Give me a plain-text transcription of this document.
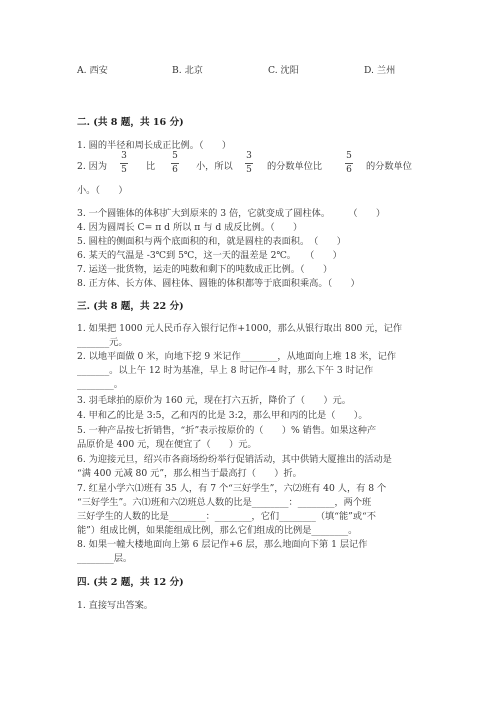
A. 西安	B. 北京	C. 沈阳	D. 兰州
二. (共 8 题，共 16 分)
1. 圆的半径和周长成正比例。（　　）
2. 因为
3
5 比
5
6 小，所以
3
5 的分数单位比
5
6 的分数单位
小。（　　）
3. 一个圆锥体的体积扩大到原来的 3 倍，它就变成了圆柱体。　　　（　　）
4. 因为圆周长 C= π d 所以 π 与 d 成反比例。（　　）
5. 圆柱的侧面积与两个底面积的和，就是圆柱的表面积。　（　　）
6. 某天的气温是 -3℃到 5℃，这一天的温差是 2℃。　　（　　）
7. 运送一批货物，运走的吨数和剩下的吨数成正比例。（　　）
8. 正方体、长方体、圆柱体、圆锥的体积都等于底面积乘高。（　　）
三. (共 8 题，共 22 分)
1. 如果把 1000 元人民币存入银行记作+1000，那么从银行取出 800 元，记作
_______元。
2. 以地平面做 0 米，向地下挖 9 米记作________，从地面向上堆 18 米，记作
_______。以上午 12 时为基准，早上 8 时记作-4 时，那么下午 3 时记作
________。
3. 羽毛球拍的原价为 160 元，现在打六五折，降价了（　　）元。
4. 甲和乙的比是 3:5，乙和丙的比是 3:2，那么甲和丙的比是（　　）。
5. 一种产品按七折销售，“折”表示按原价的（　　）% 销售。如果这种产
品原价是 400 元，现在便宜了（　　）元。
6. 为迎接元旦，绍兴市各商场纷纷举行促销活动，其中供销大厦推出的活动是
“满 400 元减 80 元”，那么相当于最高打（　　）折。
7. 红星小学六⑴班有 35 人，有 7 个“三好学生”，六⑵班有 40 人，有 8 个
“三好学生”。六⑴班和六⑵班总人数的比是________：________，两个班
三好学生的人数的比是________：________，它们________（填“能”或“不
能”）组成比例，如果能组成比例，那么它们组成的比例是________。
8. 如果一幢大楼地面向上第 6 层记作+6 层，那么地面向下第 1 层记作
________层。
四. (共 2 题，共 12 分)
1. 直接写出答案。
